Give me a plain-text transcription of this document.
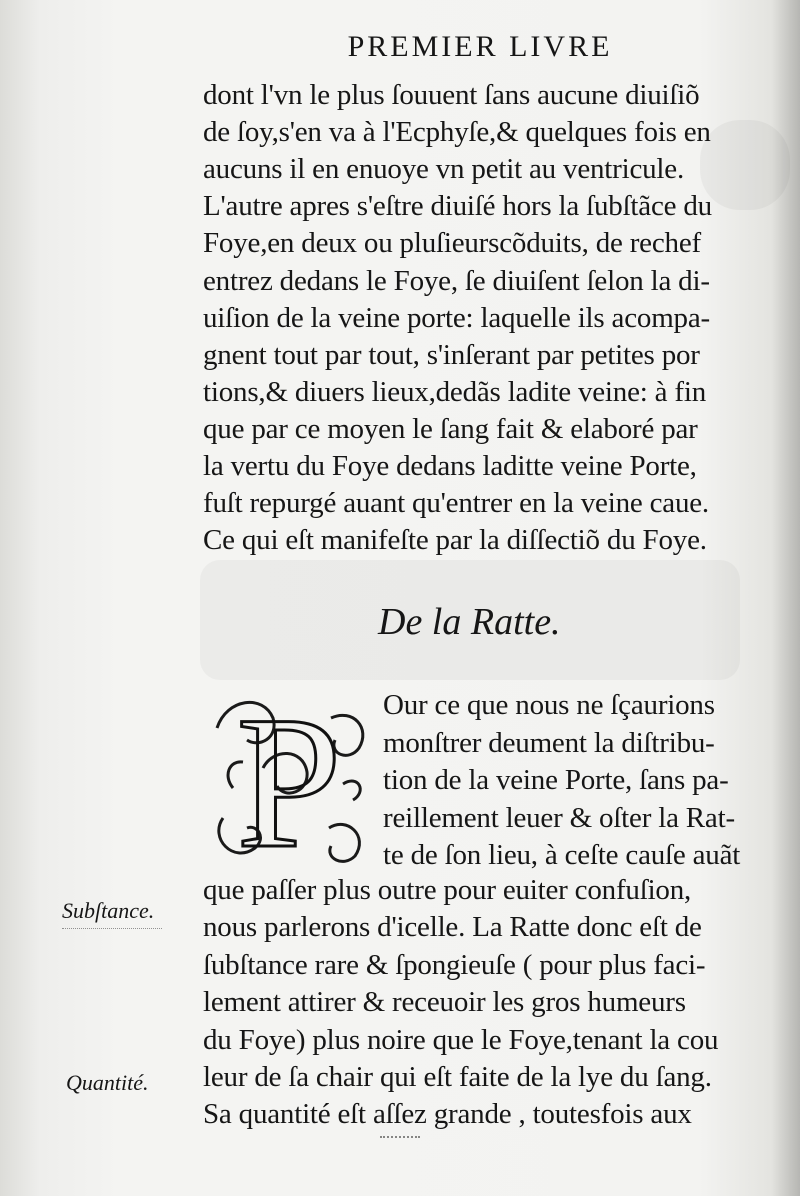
PREMIER LIVRE
dont l'vn le plus ſouuent ſans aucune diuiſiõ
de ſoy,s'en va à l'Ecphyſe,& quelques fois en
aucuns il en enuoye vn petit au ventricule.
L'autre apres s'eſtre diuiſé hors la ſubſtãce du
Foye,en deux ou pluſieurscõduits, de rechef
entrez dedans le Foye, ſe diuiſent ſelon la di-
uiſion de la veine porte: laquelle ils acompa-
gnent tout par tout, s'inſerant par petites por
tions,& diuers lieux,dedãs ladite veine: à fin
que par ce moyen le ſang fait & elaboré par
la vertu du Foye dedans laditte veine Porte,
fuſt repurgé auant qu'entrer en la veine caue.
Ce qui eſt manifeſte par la diſſectiõ du Foye.
De la Ratte.
P Our ce que nous ne ſçaurions
monſtrer deument la diſtribu-
tion de la veine Porte, ſans pa-
reillement leuer & oſter la Rat-
te de ſon lieu, à ceſte cauſe auãt
que paſſer plus outre pour euiter confuſion,
nous parlerons d'icelle. La Ratte donc eſt de
ſubſtance rare & ſpongieuſe ( pour plus faci-
lement attirer & receuoir les gros humeurs
du Foye) plus noire que le Foye,tenant la cou
leur de ſa chair qui eſt faite de la lye du ſang.
Sa quantité eſt aſſez grande , toutesfois aux
Subſtance.
Quantité.
